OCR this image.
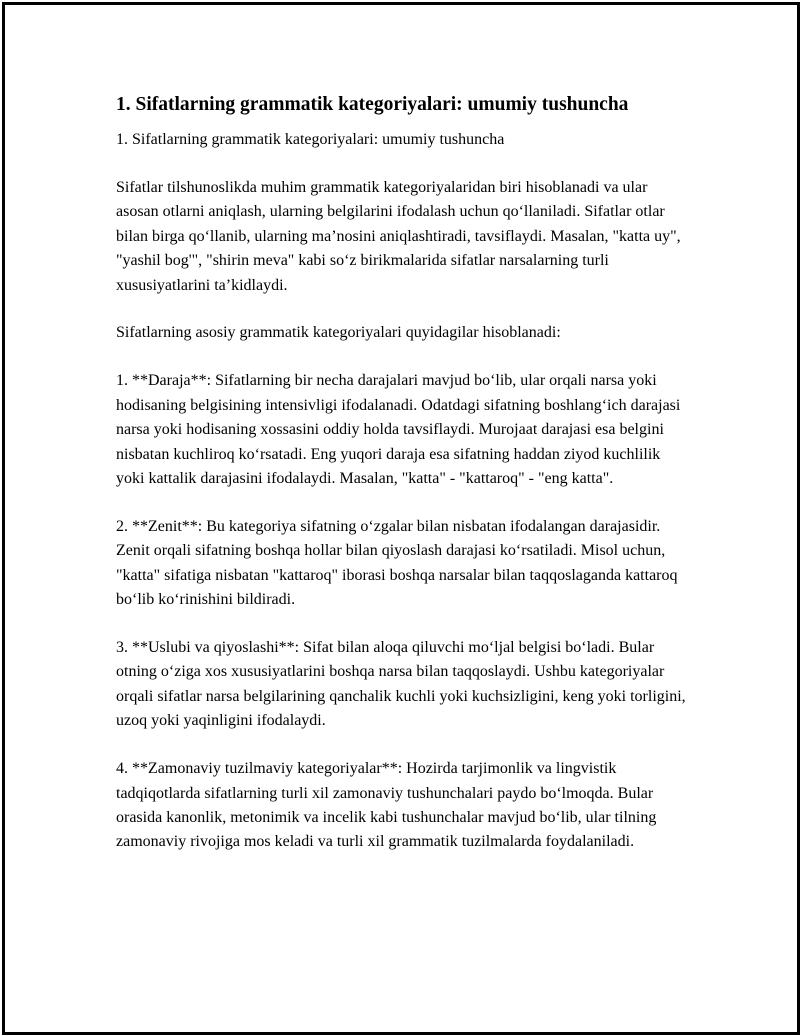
1. Sifatlarning grammatik kategoriyalari: umumiy tushuncha

1. Sifatlarning grammatik kategoriyalari: umumiy tushuncha

Sifatlar tilshunoslikda muhim grammatik kategoriyalaridan biri hisoblanadi va ular asosan otlarni aniqlash, ularning belgilarini ifodalash uchun qo‘llaniladi. Sifatlar otlar bilan birga qo‘llanib, ularning ma’nosini aniqlashtiradi, tavsiflaydi. Masalan, "katta uy", "yashil bog'", "shirin meva" kabi so‘z birikmalarida sifatlar narsalarning turli xususiyatlarini ta’kidlaydi.

Sifatlarning asosiy grammatik kategoriyalari quyidagilar hisoblanadi:

1. **Daraja**: Sifatlarning bir necha darajalari mavjud bo‘lib, ular orqali narsa yoki hodisaning belgisining intensivligi ifodalanadi. Odatdagi sifatning boshlang‘ich darajasi narsa yoki hodisaning xossasini oddiy holda tavsiflaydi. Murojaat darajasi esa belgini nisbatan kuchliroq ko‘rsatadi. Eng yuqori daraja esa sifatning haddan ziyod kuchlilik yoki kattalik darajasini ifodalaydi. Masalan, "katta" - "kattaroq" - "eng katta".

2. **Zenit**: Bu kategoriya sifatning o‘zgalar bilan nisbatan ifodalangan darajasidir. Zenit orqali sifatning boshqa hollar bilan qiyoslash darajasi ko‘rsatiladi. Misol uchun, "katta" sifatiga nisbatan "kattaroq" iborasi boshqa narsalar bilan taqqoslaganda kattaroq bo‘lib ko‘rinishini bildiradi.

3. **Uslubi va qiyoslashi**: Sifat bilan aloqa qiluvchi mo‘ljal belgisi bo‘ladi. Bular otning o‘ziga xos xususiyatlarini boshqa narsa bilan taqqoslaydi. Ushbu kategoriyalar orqali sifatlar narsa belgilarining qanchalik kuchli yoki kuchsizligini, keng yoki torligini, uzoq yoki yaqinligini ifodalaydi.

4. **Zamonaviy tuzilmaviy kategoriyalar**: Hozirda tarjimonlik va lingvistik tadqiqotlarda sifatlarning turli xil zamonaviy tushunchalari paydo bo‘lmoqda. Bular orasida kanonlik, metonimik va incelik kabi tushunchalar mavjud bo‘lib, ular tilning zamonaviy rivojiga mos keladi va turli xil grammatik tuzilmalarda foydalaniladi.
